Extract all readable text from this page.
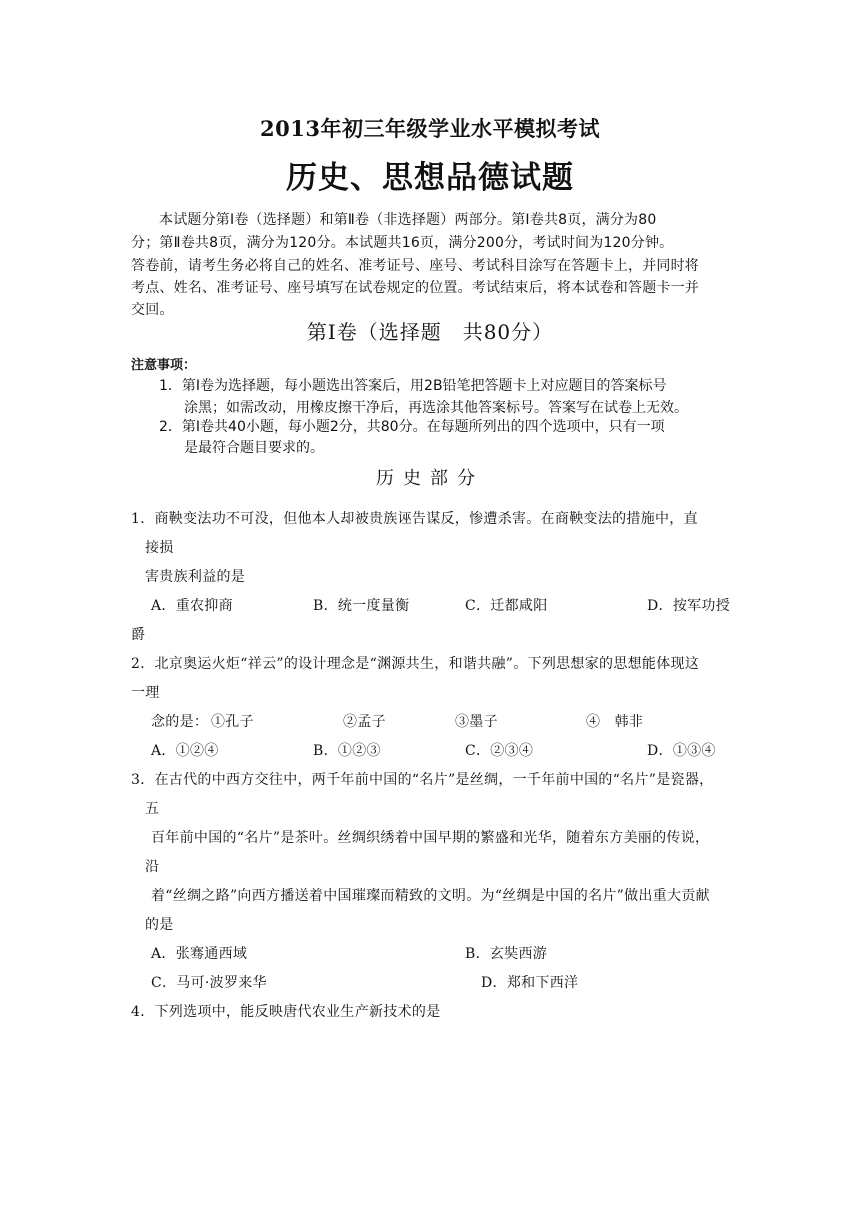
2013年初三年级学业水平模拟考试
历史、思想品德试题
本试题分第Ⅰ卷（选择题）和第Ⅱ卷（非选择题）两部分。第Ⅰ卷共8页，满分为80
分；第Ⅱ卷共8页，满分为120分。本试题共16页，满分200分，考试时间为120分钟。
答卷前，请考生务必将自己的姓名、准考证号、座号、考试科目涂写在答题卡上，并同时将
考点、姓名、准考证号、座号填写在试卷规定的位置。考试结束后，将本试卷和答题卡一并
交回。
第Ⅰ卷（选择题　共80分）
注意事项：
1．第Ⅰ卷为选择题，每小题选出答案后，用2B铅笔把答题卡上对应题目的答案标号
涂黑；如需改动，用橡皮擦干净后，再选涂其他答案标号。答案写在试卷上无效。
2．第Ⅰ卷共40小题，每小题2分，共80分。在每题所列出的四个选项中，只有一项
是最符合题目要求的。
历史部分
1．商鞅变法功不可没，但他本人却被贵族诬告谋反，惨遭杀害。在商鞅变法的措施中，直
接损
害贵族利益的是
A．重农抑商	B．统一度量衡	C．迁都咸阳	D．按军功授
爵
2．北京奥运火炬“祥云”的设计理念是“渊源共生，和谐共融”。下列思想家的思想能体现这
一理
念的是： ①孔子	②孟子	③墨子	④　韩非
A．①②④	B．①②③	C．②③④	D．①③④
3．在古代的中西方交往中，两千年前中国的“名片”是丝绸，一千年前中国的“名片”是瓷器，
五
百年前中国的“名片”是茶叶。丝绸织绣着中国早期的繁盛和光华，随着东方美丽的传说，
沿
着“丝绸之路”向西方播送着中国璀璨而精致的文明。为“丝绸是中国的名片”做出重大贡献
的是
A．张骞通西域	B．玄奘西游
C．马可·波罗来华	D．郑和下西洋
4．下列选项中，能反映唐代农业生产新技术的是
